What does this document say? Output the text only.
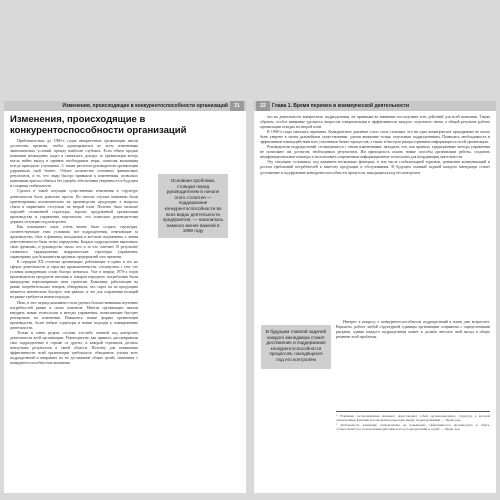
Изменения, происходящие в конкурентоспособности организаций	21
Изменения, происходящие в конкурентоспособности организаций

Приблизительно до 1990-х годов авторитетные организации имели достаточно времени, чтобы адаптироваться ко всем изменениям экономических условий, прежде наиболее глубоких. Если объем продаж компании неожиданно падал и снижались доходы, то организации всегда могла найти выход и принять необходимые меры, позволяя компаниям всегда приходило улучшение. С таким расчетом руководители организации удерживали свой бизнес. Общее количество основных финансовых результатов, и то, что люди быстро привыкли к изменениям, позволяло компаниям приспособиться без ущерба, обеспечивая уверенность в будущем и сохраняя стабильность.

Сделать в такой ситуации существенные изменения в структуре деятельности было довольно просто. Во многих случаях компании были ориентированы исключительно на производство продукции, а вопросы сбыта и маркетинга отступали на второй план. Полезно было наличие хорошей отлаженной структуры, хорошо продуманной организации производства и управления персоналом, что позволяло руководителям держать ситуацию под контролем.

Как показывает опыт, очень важно было создать структуры, соответствующие этим условиям: все подразделения, отвечающие за производство, сбыт и финансы, находились в жестком подчинении, а линии ответственности были четко определены. Каждое подразделение выполняло свою функцию, и руководство знало, кто и за что отвечает. В результате сложились традиционные иерархические структуры управления, характерные для большинства крупных предприятий того времени.

К середине XX столетия организации, работающие в одних и тех же сферах деятельности и отраслях промышленности, столкнулись с тем, что условия конкуренции стали быстро меняться. Уже в период 1970-х годов производители продуктов питания и товаров народного потребления были вынуждены пересматривать свои стратегии. Компании, работающие на рынке потребительских товаров, обнаружили, что спрос на их продукцию меняется значительно быстрее, чем раньше, и что для сохранения позиций на рынке требуются новые подходы.

Итак, в этот период компании стали уделять больше внимания изучению потребностей рынка и своих клиентов. Многие организации начали внедрять новые технологии и методы управления, позволяющие быстрее реагировать на изменения. Появились новые формы организации производства, более гибкие структуры и новые подходы к планированию деятельности.

Только в очень редких случаях что-либо главной под контролем деятельности всей организации. Руководители, как правило, рассматривали свое подразделение в отрыве от других, и каждый стремился достичь наилучших результатов в своей области. Поэтому для повышения эффективности всей организации требовалось объединить усилия всех подразделений и направить их на достижение общих целей, связанных с конкурентоспособностью компании.

Основная проблема, стоящая перед руководителем в начале этого столетия — поддержание конкурентоспособности во всех видах деятельности предприятия, — накопилась намного менее важной в 1989 году
22	Глава 1. Время перемен в коммерческой деятельности

что на деятельность конкретного подразделения, не принимая во внимание последствия этих действий для всей компании. Таким образом, особое внимание уделялось вопросам специализации и эффективности каждого отдельного звена, а общий результат работы организации отходил на второй план.

В 1990-х годах начались перемены. Конкурентное давление стало столь сильным, что ни одно коммерческое предприятие не могло быть уверено в своем дальнейшем существовании, уделяя внимание только отдельным подразделениям. Появилась необходимость в эффективном взаимодействии всех участников бизнес-процессов, а также в быстром распространении информации по всей организации.

Руководители подразделений, столкнувшиеся с этими изменениями, находили, что, как правило, традиционные методы управления не позволяют им достигать необходимых результатов. Им приходилось искать новые способы организации работы, создавать межфункциональные команды и использовать современные информационные технологии для координации деятельности.

Эту ситуацию осложнило под влиянием нескольких факторов, в том числе глобализацией торговли, развитием коммуникаций и ростом требований потребителей к качеству продукции и обслуживания. В будущем главный задачей каждого менеджера станет достижение и поддержание конкурентоспособности процессов, находящихся под его контролем.

В будущем главной задачей каждого менеджера станет достижение и поддержание конкурентоспособности процессов, находящихся под его контролем

Интерес к вопросу о конкурентоспособности подразделений в наши дни возрастает. Вероятно, работа любой структурной единицы организации сопряжена с определенными рисками, однако каждого подразделения может и должно вносить свой вклад в общее решение этой проблемы.

¹ Этапными тестированиями называют представляют собой организационную структуру, в которой определенные функции и полномочия разделены между подразделениями. — Прим. ред.

² Деятельность компании, направленная на повышение эффективности производства и сбыта, осуществляется в тесном взаимодействии всех ее подразделений и служб. — Прим. ред.
